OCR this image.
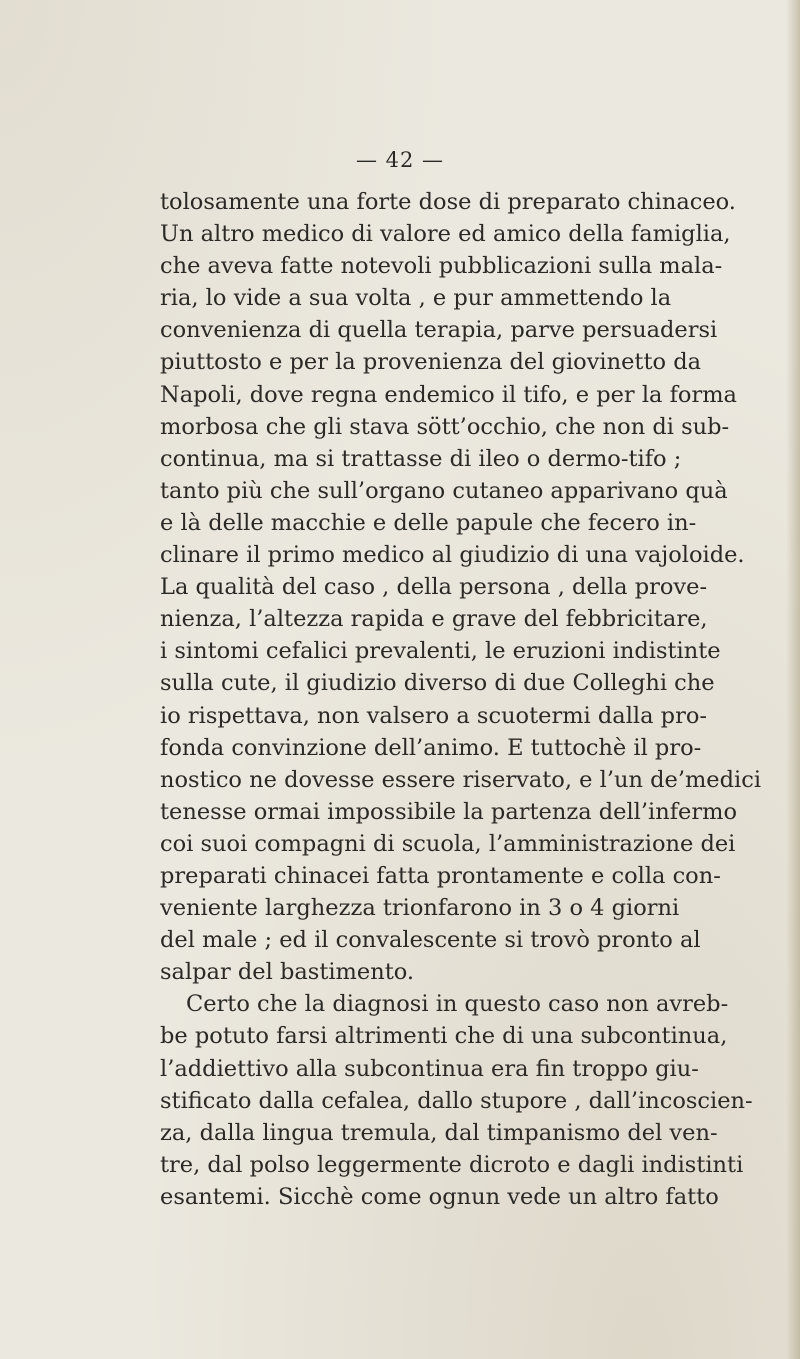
— 42 —
tolosamente una forte dose di preparato chinaceo.
Un altro medico di valore ed amico della famiglia,
che aveva fatte notevoli pubblicazioni sulla mala-
ria, lo vide a sua volta , e pur ammettendo la
convenienza di quella terapia, parve persuadersi
piuttosto e per la provenienza del giovinetto da
Napoli, dove regna endemico il tifo, e per la forma
morbosa che gli stava sött’occhio, che non di sub-
continua, ma si trattasse di ileo o dermo-tifo ;
tanto più che sull’organo cutaneo apparivano quà
e là delle macchie e delle papule che fecero in-
clinare il primo medico al giudizio di una vajoloide.
La qualità del caso , della persona , della prove-
nienza, l’altezza rapida e grave del febbricitare,
i sintomi cefalici prevalenti, le eruzioni indistinte
sulla cute, il giudizio diverso di due Colleghi che
io rispettava, non valsero a scuotermi dalla pro-
fonda convinzione dell’animo. E tuttochè il pro-
nostico ne dovesse essere riservato, e l’un de’medici
tenesse ormai impossibile la partenza dell’infermo
coi suoi compagni di scuola, l’amministrazione dei
preparati chinacei fatta prontamente e colla con-
veniente larghezza trionfarono in 3 o 4 giorni
del male ; ed il convalescente si trovò pronto al
salpar del bastimento.
Certo che la diagnosi in questo caso non avreb-
be potuto farsi altrimenti che di una subcontinua,
l’addiettivo alla subcontinua era fin troppo giu-
stificato dalla cefalea, dallo stupore , dall’incoscien-
za, dalla lingua tremula, dal timpanismo del ven-
tre, dal polso leggermente dicroto e dagli indistinti
esantemi. Sicchè come ognun vede un altro fatto
